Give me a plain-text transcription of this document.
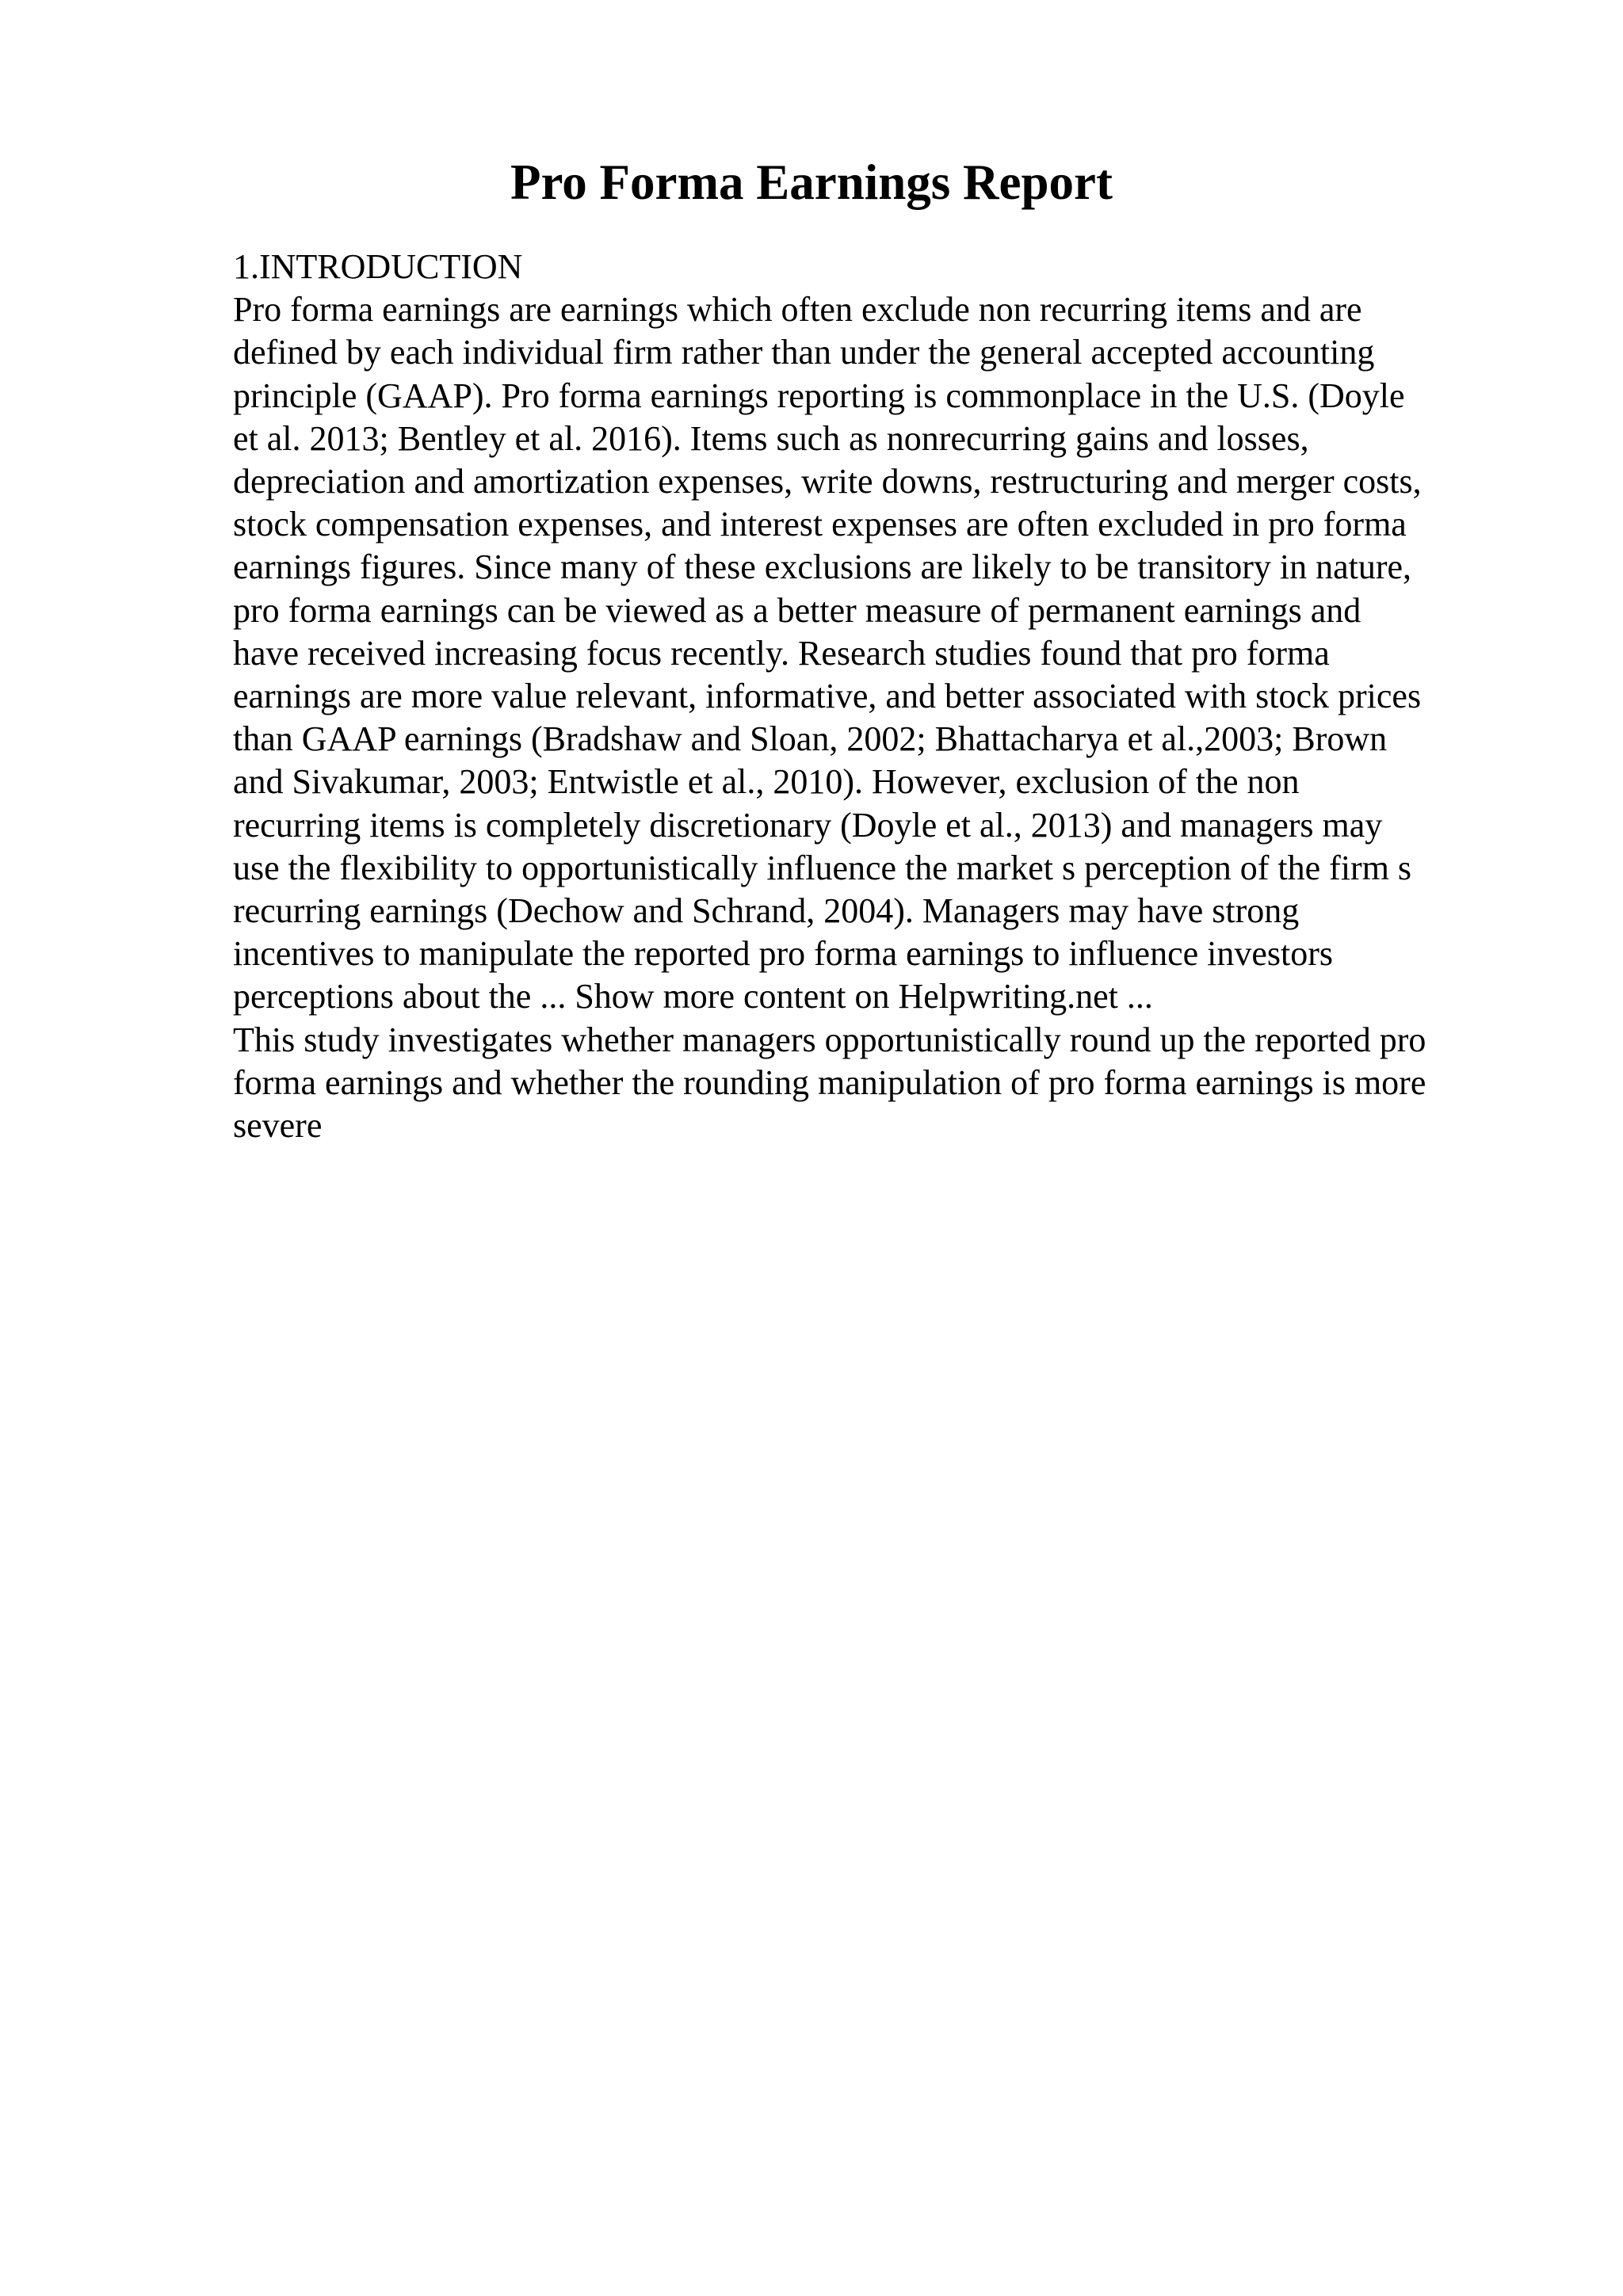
Pro Forma Earnings Report
1.INTRODUCTION
Pro forma earnings are earnings which often exclude non recurring items and are
defined by each individual firm rather than under the general accepted accounting
principle (GAAP). Pro forma earnings reporting is commonplace in the U.S. (Doyle
et al. 2013; Bentley et al. 2016). Items such as nonrecurring gains and losses,
depreciation and amortization expenses, write downs, restructuring and merger costs,
stock compensation expenses, and interest expenses are often excluded in pro forma
earnings figures. Since many of these exclusions are likely to be transitory in nature,
pro forma earnings can be viewed as a better measure of permanent earnings and
have received increasing focus recently. Research studies found that pro forma
earnings are more value relevant, informative, and better associated with stock prices
than GAAP earnings (Bradshaw and Sloan, 2002; Bhattacharya et al.,2003; Brown
and Sivakumar, 2003; Entwistle et al., 2010). However, exclusion of the non
recurring items is completely discretionary (Doyle et al., 2013) and managers may
use the flexibility to opportunistically influence the market s perception of the firm s
recurring earnings (Dechow and Schrand, 2004). Managers may have strong
incentives to manipulate the reported pro forma earnings to influence investors
perceptions about the ... Show more content on Helpwriting.net ...
This study investigates whether managers opportunistically round up the reported pro
forma earnings and whether the rounding manipulation of pro forma earnings is more
severe
